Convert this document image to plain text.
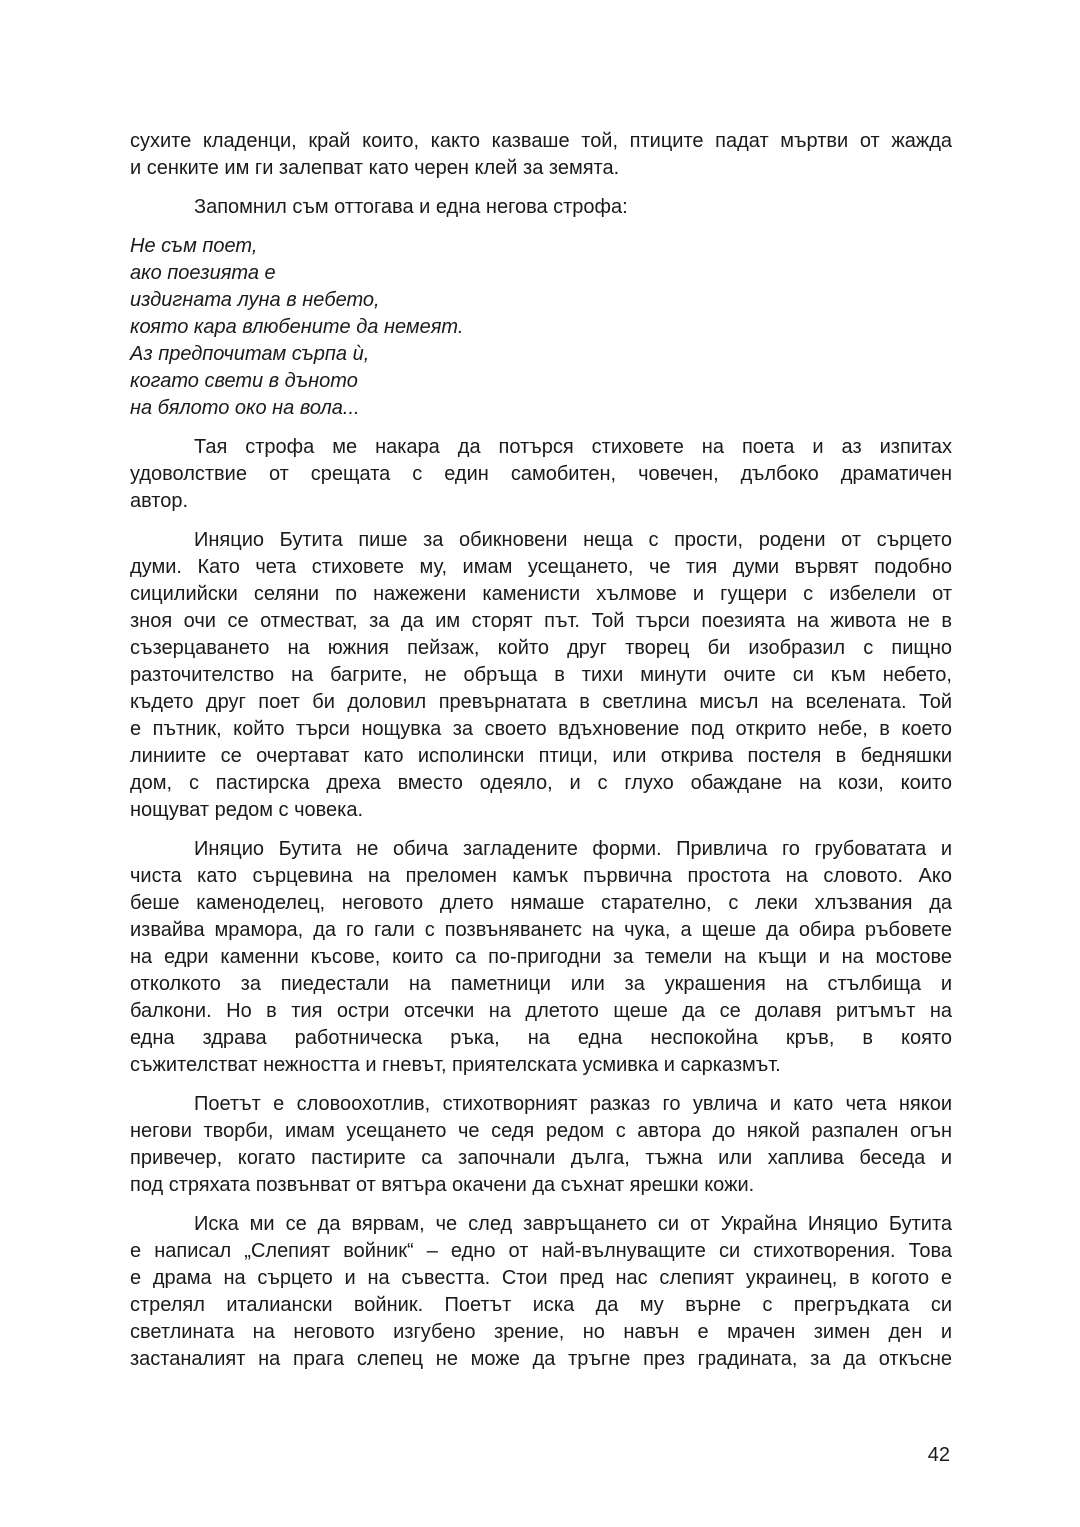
сухите кладенци, край които, както казваше той, птиците падат мъртви от жажда
и сенките им ги залепват като черен клей за земята.
Запомнил съм оттогава и една негова строфа:
Не съм поет,
ако поезията е
издигната луна в небето,
която кара влюбените да немеят.
Аз предпочитам сърпа ѝ,
когато свети в дъното
на бялото око на вола...
Тая строфа ме накара да потърся стиховете на поета и аз изпитах
удоволствие от срещата с един самобитен, човечен, дълбоко драматичен
автор.
Иняцио Бутита пише за обикновени неща с прости, родени от сърцето
думи. Като чета стиховете му, имам усещането, че тия думи вървят подобно
сицилийски селяни по нажежени каменисти хълмове и гущери с избелели от
зноя очи се отместват, за да им сторят път. Той търси поезията на живота не в
съзерцаването на южния пейзаж, който друг творец би изобразил с пищно
разточителство на багрите, не обръща в тихи минути очите си към небето,
където друг поет би доловил превърнатата в светлина мисъл на вселената. Той
е пътник, който търси нощувка за своето вдъхновение под открито небе, в което
линиите се очертават като исполински птици, или открива постеля в бедняшки
дом, с пастирска дреха вместо одеяло, и с глухо обаждане на кози, които
нощуват редом с човека.
Иняцио Бутита не обича загладените форми. Привлича го грубоватата и
чиста като сърцевина на преломен камък първична простота на словото. Ако
беше каменоделец, неговото длето нямаше старателно, с леки хлъзвания да
извайва мрамора, да го гали с позвъняванетс на чука, а щеше да обира ръбовете
на едри каменни късове, които са по-пригодни за темели на къщи и на мостове
отколкото за пиедестали на паметници или за украшения на стълбища и
балкони. Но в тия остри отсечки на длетото щеше да се долавя ритъмът на
една здрава работническа ръка, на една неспокойна кръв, в която
съжителстват нежността и гневът, приятелската усмивка и сарказмът.
Поетът е словоохотлив, стихотворният разказ го увлича и като чета някои
негови творби, имам усещането че седя редом с автора до някой разпален огън
привечер, когато пастирите са започнали дълга, тъжна или хаплива беседа и
под стряхата позвънват от вятъра окачени да съхнат ярешки кожи.
Иска ми се да вярвам, че след завръщането си от Украйна Иняцио Бутита
е написал „Слепият войник“ – едно от най-вълнуващите си стихотворения. Това
е драма на сърцето и на съвестта. Стои пред нас слепият украинец, в когото е
стрелял италиански войник. Поетът иска да му върне с прегръдката си
светлината на неговото изгубено зрение, но навън е мрачен зимен ден и
застаналият на прага слепец не може да тръгне през градината, за да откъсне
42
